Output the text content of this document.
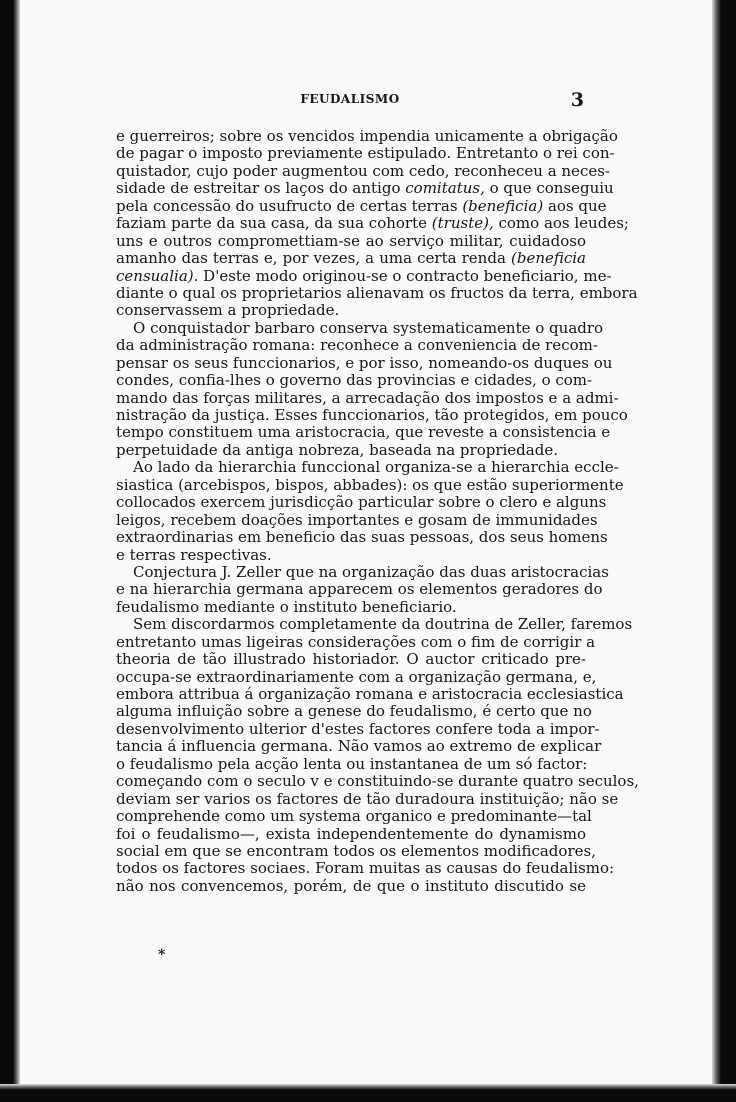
FEUDALISMO	3
e guerreiros; sobre os vencidos impendia unicamente a obrigação
de pagar o imposto previamente estipulado. Entretanto o rei con-
quistador, cujo poder augmentou com cedo, reconheceu a neces-
sidade de estreitar os laços do antigo comitatus, o que conseguiu
pela concessão do usufructo de certas terras (beneficia) aos que
faziam parte da sua casa, da sua cohorte (truste), como aos leudes;
uns e outros compromettiam-se ao serviço militar, cuidadoso
amanho das terras e, por vezes, a uma certa renda (beneficia
censualia). D'este modo originou-se o contracto beneficiario, me-
diante o qual os proprietarios alienavam os fructos da terra, embora
conservassem a propriedade.
O conquistador barbaro conserva systematicamente o quadro
da administração romana: reconhece a conveniencia de recom-
pensar os seus funccionarios, e por isso, nomeando-os duques ou
condes, confia-lhes o governo das provincias e cidades, o com-
mando das forças militares, a arrecadação dos impostos e a admi-
nistração da justiça. Esses funccionarios, tão protegidos, em pouco
tempo constituem uma aristocracia, que reveste a consistencia e
perpetuidade da antiga nobreza, baseada na propriedade.
Ao lado da hierarchia funccional organiza-se a hierarchia eccle-
siastica (arcebispos, bispos, abbades): os que estão superiormente
collocados exercem jurisdicção particular sobre o clero e alguns
leigos, recebem doações importantes e gosam de immunidades
extraordinarias em beneficio das suas pessoas, dos seus homens
e terras respectivas.
Conjectura J. Zeller que na organização das duas aristocracias
e na hierarchia germana apparecem os elementos geradores do
feudalismo mediante o instituto beneficiario.
Sem discordarmos completamente da doutrina de Zeller, faremos
entretanto umas ligeiras considerações com o fim de corrigir a
theoria de tão illustrado historiador. O auctor criticado pre-
occupa-se extraordinariamente com a organização germana, e,
embora attribua á organização romana e aristocracia ecclesiastica
alguma influição sobre a genese do feudalismo, é certo que no
desenvolvimento ulterior d'estes factores confere toda a impor-
tancia á influencia germana. Não vamos ao extremo de explicar
o feudalismo pela acção lenta ou instantanea de um só factor:
começando com o seculo v e constituindo-se durante quatro seculos,
deviam ser varios os factores de tão duradoura instituição; não se
comprehende como um systema organico e predominante—tal
foi o feudalismo—, exista independentemente do dynamismo
social em que se encontram todos os elementos modificadores,
todos os factores sociaes. Foram muitas as causas do feudalismo:
não nos convencemos, porém, de que o instituto discutido se
*
